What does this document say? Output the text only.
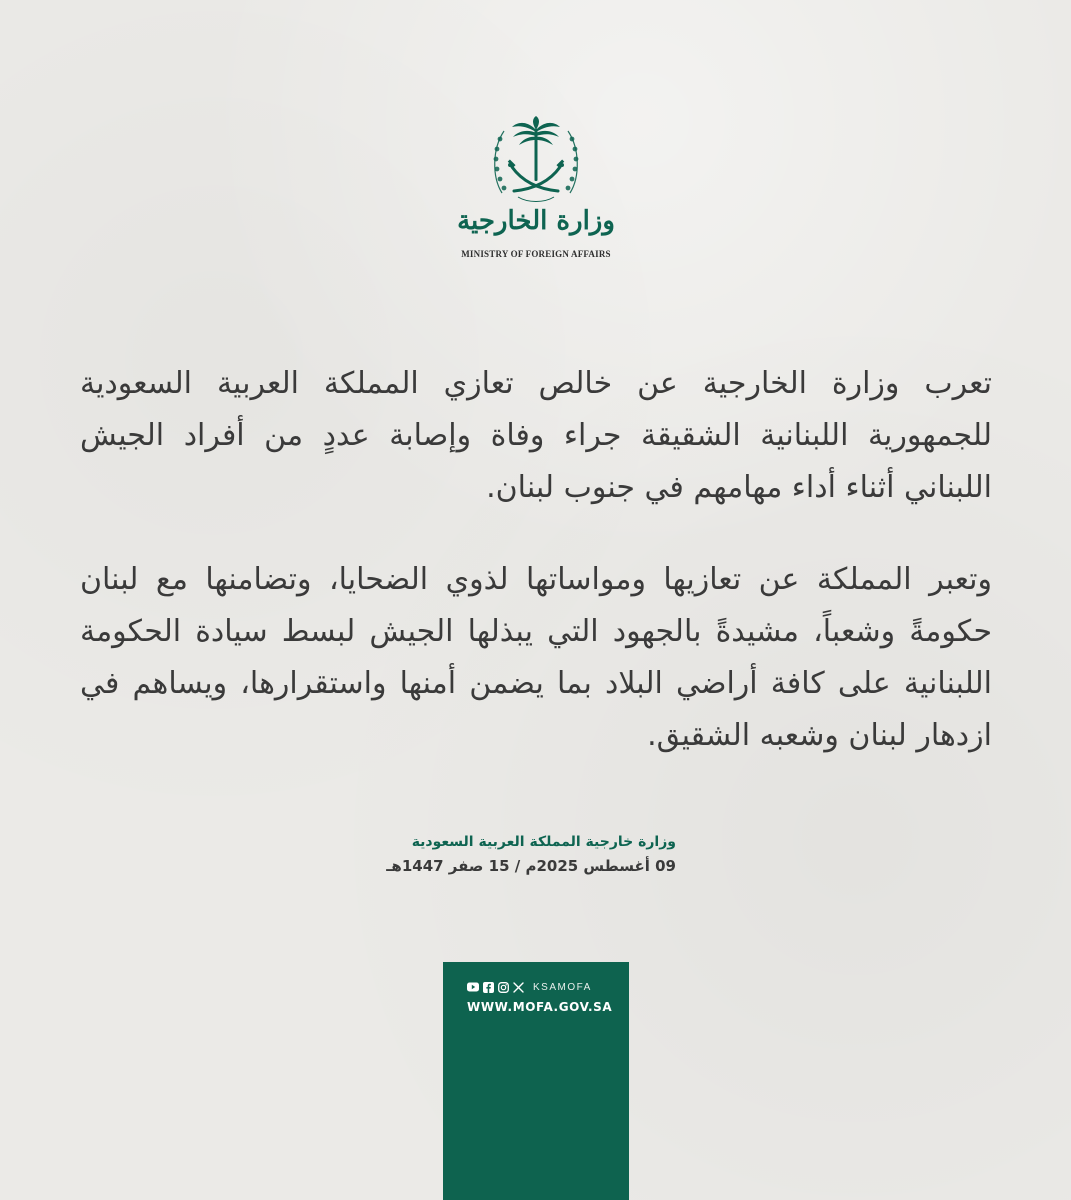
وزارة الخارجية
MINISTRY OF FOREIGN AFFAIRS

تعرب وزارة الخارجية عن خالص تعازي المملكة العربية السعودية للجمهورية اللبنانية الشقيقة جراء وفاة وإصابة عددٍ من أفراد الجيش اللبناني أثناء أداء مهامهم في جنوب لبنان.

وتعبر المملكة عن تعازيها ومواساتها لذوي الضحايا، وتضامنها مع لبنان حكومةً وشعباً، مشيدةً بالجهود التي يبذلها الجيش لبسط سيادة الحكومة اللبنانية على كافة أراضي البلاد بما يضمن أمنها واستقرارها، ويساهم في ازدهار لبنان وشعبه الشقيق.

وزارة خارجية المملكة العربية السعودية
09 أغسطس 2025م / 15 صفر 1447هـ
KSAMOFA
WWW.MOFA.GOV.SA
